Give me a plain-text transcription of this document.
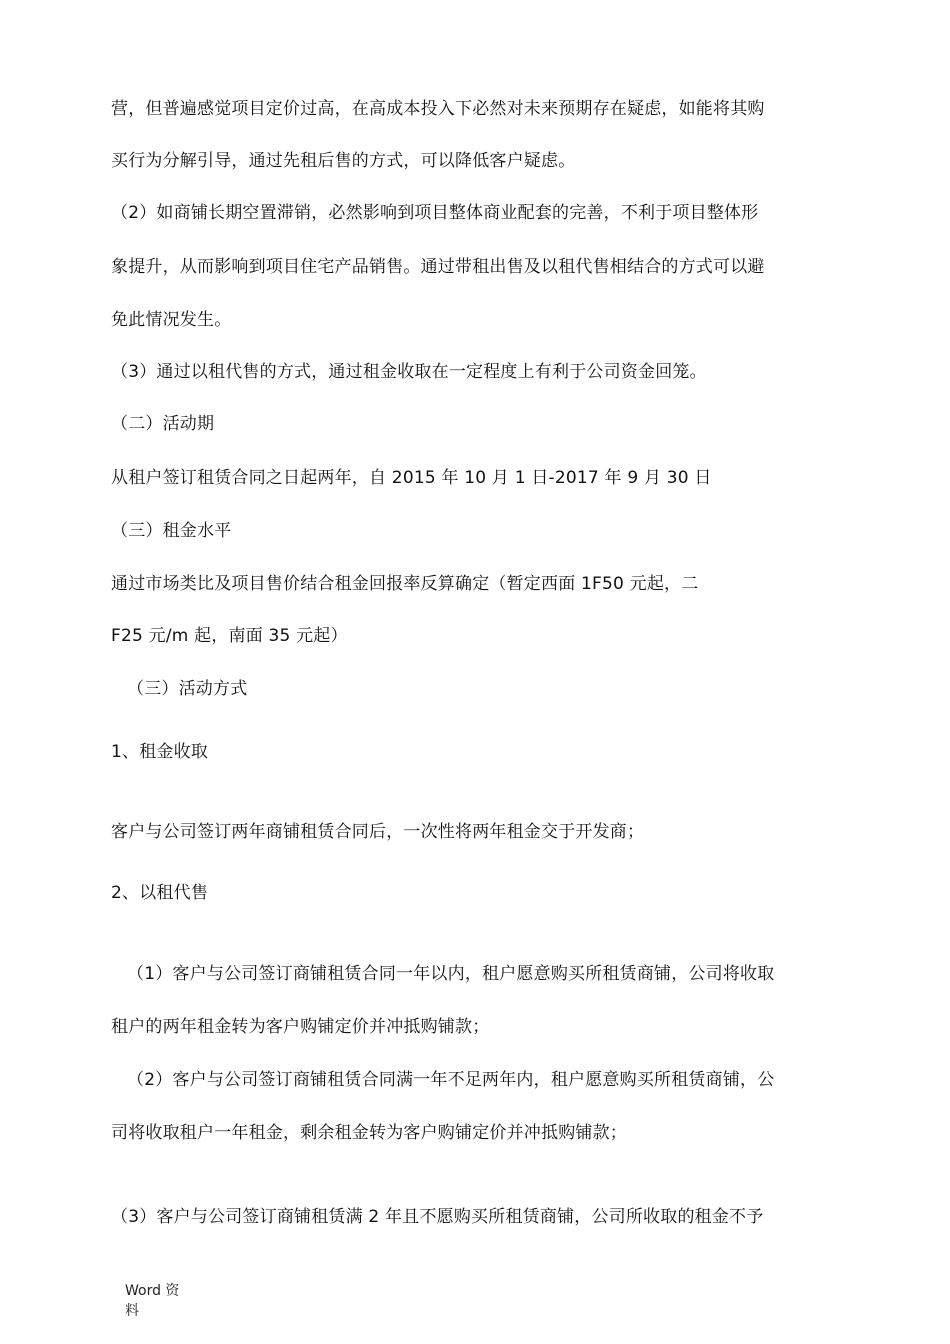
营，但普遍感觉项目定价过高，在高成本投入下必然对未来预期存在疑虑，如能将其购
买行为分解引导，通过先租后售的方式，可以降低客户疑虑。
（2）如商铺长期空置滞销，必然影响到项目整体商业配套的完善，不利于项目整体形
象提升，从而影响到项目住宅产品销售。通过带租出售及以租代售相结合的方式可以避
免此情况发生。
（3）通过以租代售的方式，通过租金收取在一定程度上有利于公司资金回笼。
（二）活动期
从租户签订租赁合同之日起两年，自 2015 年 10 月 1 日-2017 年 9 月 30 日
（三）租金水平
通过市场类比及项目售价结合租金回报率反算确定（暂定西面 1F50 元起，二
F25 元/m 起，南面 35 元起）
（三）活动方式
1、租金收取
客户与公司签订两年商铺租赁合同后，一次性将两年租金交于开发商；
2、以租代售
（1）客户与公司签订商铺租赁合同一年以内，租户愿意购买所租赁商铺，公司将收取
租户的两年租金转为客户购铺定价并冲抵购铺款；
（2）客户与公司签订商铺租赁合同满一年不足两年内，租户愿意购买所租赁商铺，公
司将收取租户一年租金，剩余租金转为客户购铺定价并冲抵购铺款；
（3）客户与公司签订商铺租赁满 2 年且不愿购买所租赁商铺，公司所收取的租金不予
Word 资
料
